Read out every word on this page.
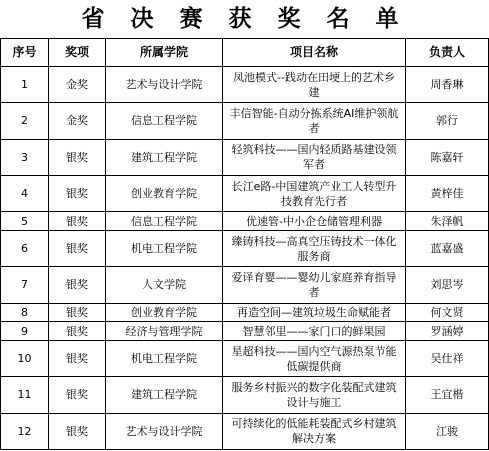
省 决 赛 获 奖 名 单
序号	奖项	所属学院	项目名称	负责人
1	金奖	艺术与设计学院	凤池模式--践动在田埂上的艺术乡建	周香琳
2	金奖	信息工程学院	丰信智能-自动分拣系统AI维护领航者	郭行
3	银奖	建筑工程学院	轻筑科技——国内轻质路基建设领军者	陈嘉轩
4	银奖	创业教育学院	长江e路-中国建筑产业工人转型升技教育先行者	黄梓佳
5	银奖	信息工程学院	优速管-中小企仓储管理利器	朱泽帆
6	银奖	机电工程学院	臻铸科技—高真空压铸技术一体化服务商	蓝嘉盛
7	银奖	人文学院	爱译育婴——婴幼儿家庭养育指导者	刘思岑
8	银奖	创业教育学院	再造空间—建筑垃圾生命赋能者	何文贤
9	银奖	经济与管理学院	智慧邻里——家门口的鲜果园	罗涵婷
10	银奖	机电工程学院	星超科技——国内空气源热泵节能低碳提供商	吴仕祥
11	银奖	建筑工程学院	服务乡村振兴的数字化装配式建筑设计与施工	王宜楷
12	银奖	艺术与设计学院	可持续化的低能耗装配式乡村建筑解决方案	江骏
